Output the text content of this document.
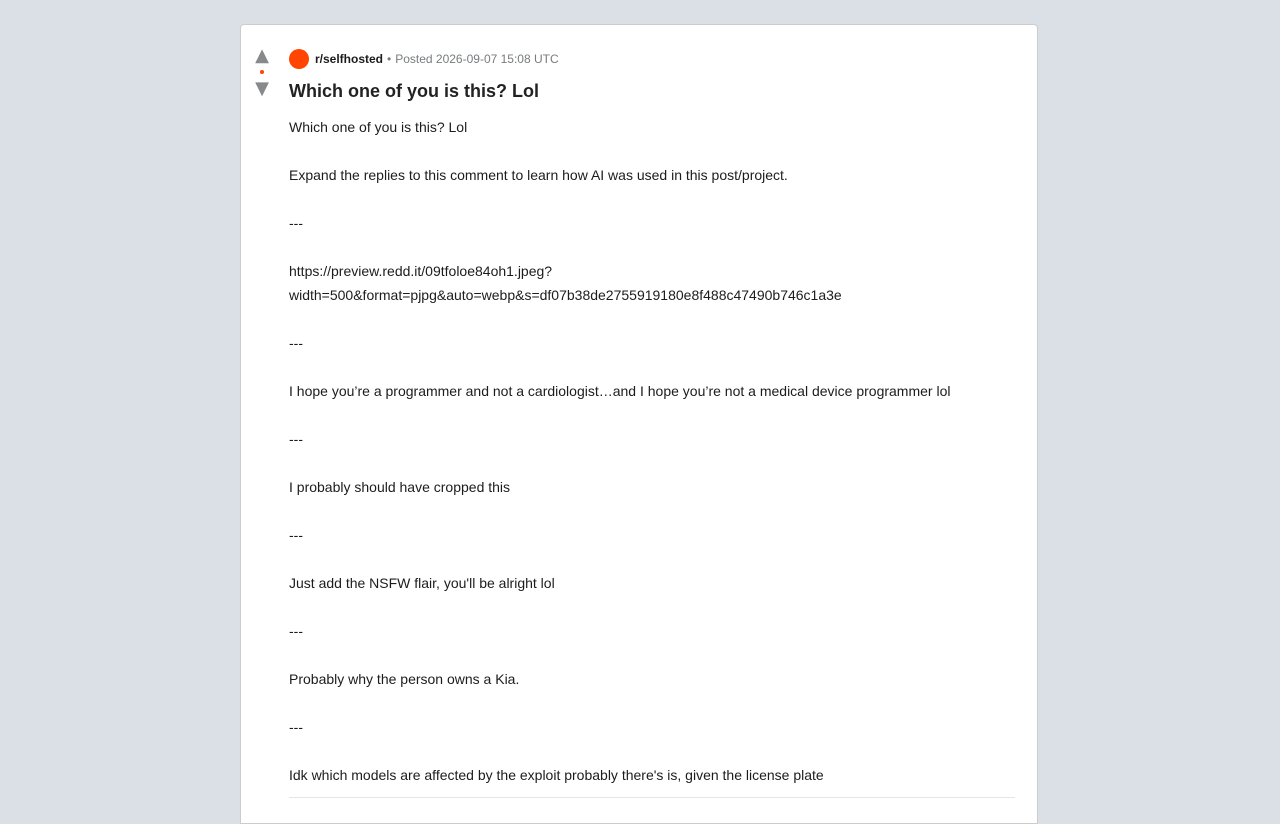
▲
▼
r/selfhosted • Posted 2026-09-07 15:08 UTC
Which one of you is this? Lol

Which one of you is this? Lol

Expand the replies to this comment to learn how AI was used in this post/project.

---

https://preview.redd.it/09tfoloe84oh1.jpeg?
width=500&format=pjpg&auto=webp&s=df07b38de2755919180e8f488c47490b746c1a3e

---

I hope you’re a programmer and not a cardiologist…and I hope you’re not a medical device programmer lol

---

I probably should have cropped this

---

Just add the NSFW flair, you'll be alright lol

---

Probably why the person owns a Kia.

---

Idk which models are affected by the exploit probably there's is, given the license plate
